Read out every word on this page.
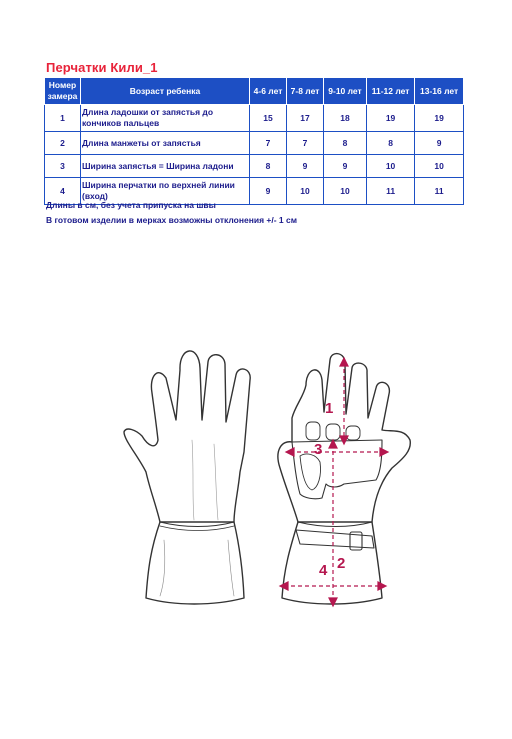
Перчатки Кили_1
Номер замера	Возраст ребенка	4-6 лет	7-8 лет	9-10 лет	11-12 лет	13-16 лет
1	Длина ладошки от запястья до кончиков пальцев	15	17	18	19	19
2	Длина манжеты от запястья	7	7	8	8	9
3	Ширина запястья = Ширина ладони	8	9	9	10	10
4	Ширина перчатки по верхней линии (вход)	9	10	10	11	11
Длины в см, без учета припуска на швы
В готовом изделии в мерках возможны отклонения +/- 1 см
1
2
3
4
